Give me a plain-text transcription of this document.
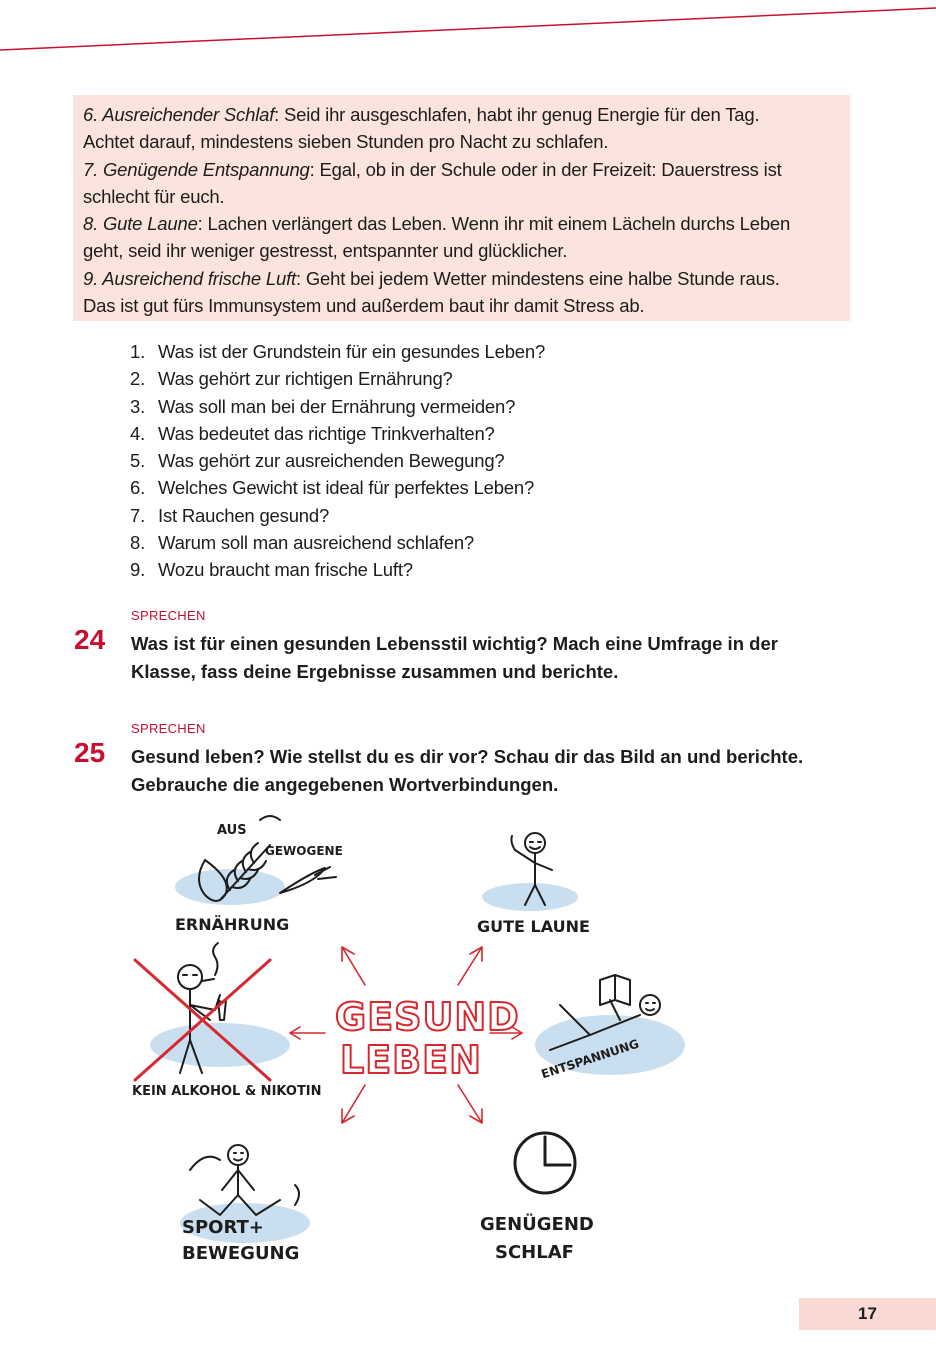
6. Ausreichender Schlaf: Seid ihr ausgeschlafen, habt ihr genug Energie für den Tag.
Achtet darauf, mindestens sieben Stunden pro Nacht zu schlafen.
7. Genügende Entspannung: Egal, ob in der Schule oder in der Freizeit: Dauerstress ist
schlecht für euch.
8. Gute Laune: Lachen verlängert das Leben. Wenn ihr mit einem Lächeln durchs Leben
geht, seid ihr weniger gestresst, entspannter und glücklicher.
9. Ausreichend frische Luft: Geht bei jedem Wetter mindestens eine halbe Stunde raus.
Das ist gut fürs Immunsystem und außerdem baut ihr damit Stress ab.
1. Was ist der Grundstein für ein gesundes Leben?
2. Was gehört zur richtigen Ernährung?
3. Was soll man bei der Ernährung vermeiden?
4. Was bedeutet das richtige Trinkverhalten?
5. Was gehört zur ausreichenden Bewegung?
6. Welches Gewicht ist ideal für perfektes Leben?
7. Ist Rauchen gesund?
8. Warum soll man ausreichend schlafen?
9. Wozu braucht man frische Luft?
SPRECHEN
24 Was ist für einen gesunden Lebensstil wichtig? Mach eine Umfrage in der
Klasse, fass deine Ergebnisse zusammen und berichte.
SPRECHEN
25 Gesund leben? Wie stellst du es dir vor? Schau dir das Bild an und berichte.
Gebrauche die angegebenen Wortverbindungen.
AUS
GEWOGENE
ERNÄHRUNG	GUTE LAUNE
KEIN ALKOHOL & NIKOTIN
GESUND
LEBEN	ENTSPANNUNG
SPORT+
BEWEGUNG
GENÜGEND
SCHLAF
17
